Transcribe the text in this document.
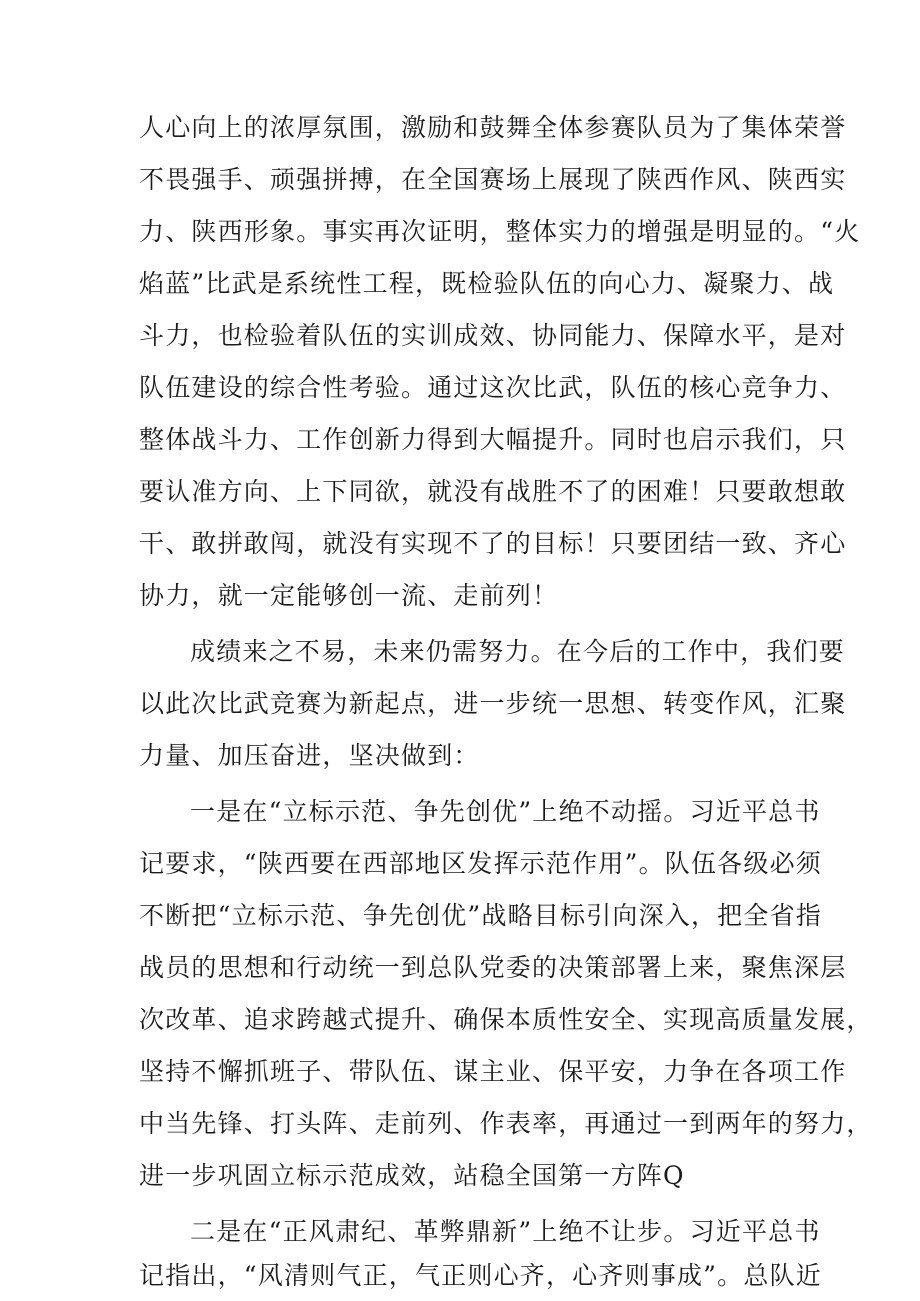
人心向上的浓厚氛围，激励和鼓舞全体参赛队员为了集体荣誉
不畏强手、顽强拼搏，在全国赛场上展现了陕西作风、陕西实
力、陕西形象。事实再次证明，整体实力的增强是明显的。“火
焰蓝”比武是系统性工程，既检验队伍的向心力、凝聚力、战
斗力，也检验着队伍的实训成效、协同能力、保障水平，是对
队伍建设的综合性考验。通过这次比武，队伍的核心竞争力、
整体战斗力、工作创新力得到大幅提升。同时也启示我们，只
要认准方向、上下同欲，就没有战胜不了的困难！只要敢想敢
干、敢拼敢闯，就没有实现不了的目标！只要团结一致、齐心
协力，就一定能够创一流、走前列！
成绩来之不易，未来仍需努力。在今后的工作中，我们要
以此次比武竞赛为新起点，进一步统一思想、转变作风，汇聚
力量、加压奋进，坚决做到：
一是在“立标示范、争先创优”上绝不动摇。习近平总书
记要求，“陕西要在西部地区发挥示范作用”。队伍各级必须
不断把“立标示范、争先创优”战略目标引向深入，把全省指
战员的思想和行动统一到总队党委的决策部署上来，聚焦深层
次改革、追求跨越式提升、确保本质性安全、实现高质量发展，
坚持不懈抓班子、带队伍、谋主业、保平安，力争在各项工作
中当先锋、打头阵、走前列、作表率，再通过一到两年的努力，
进一步巩固立标示范成效，站稳全国第一方阵Q
二是在“正风肃纪、革弊鼎新”上绝不让步。习近平总书
记指出，“风清则气正，气正则心齐，心齐则事成”。总队近
